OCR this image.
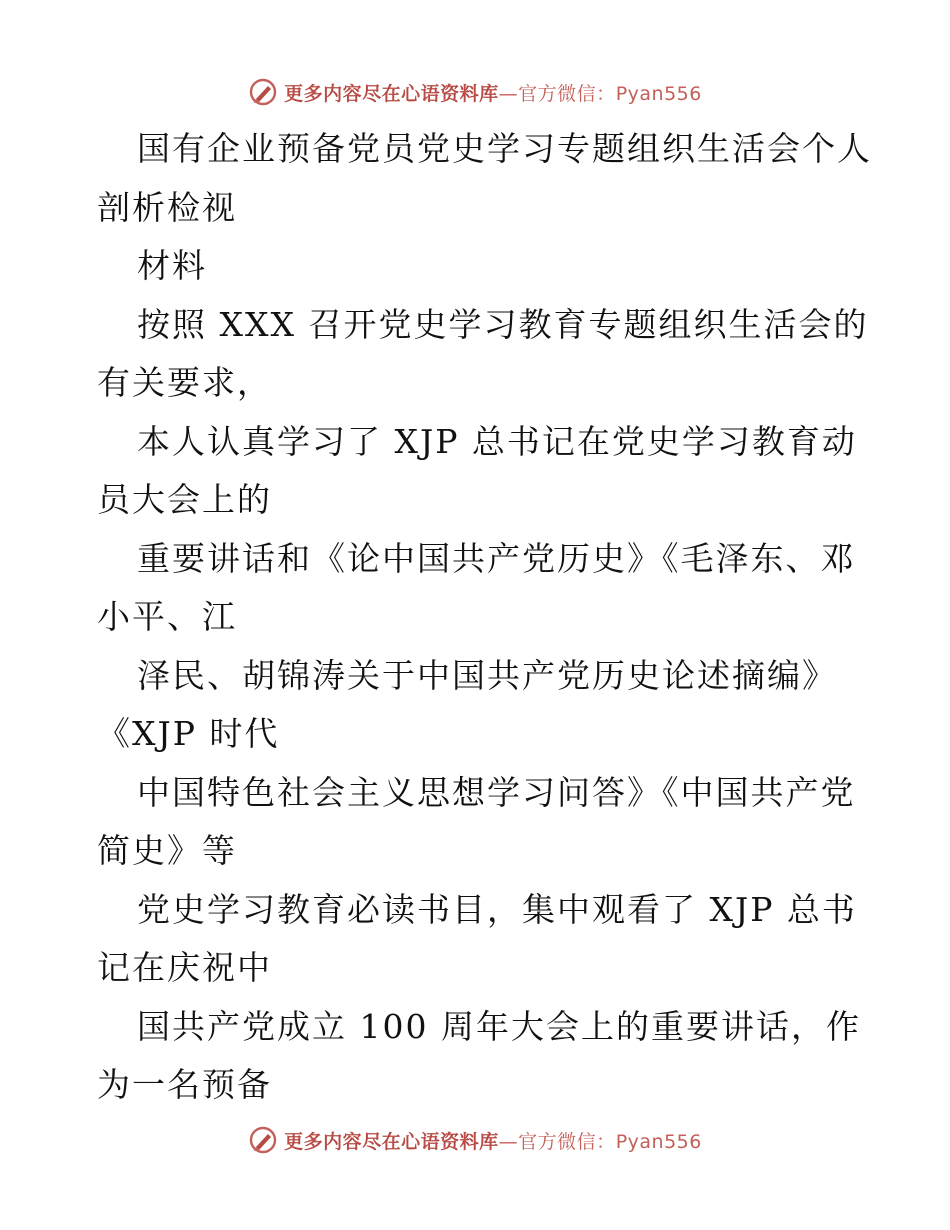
更多内容尽在心语资料库—官方微信：Pyan556
国有企业预备党员党史学习专题组织生活会个人
剖析检视
材料
按照 XXX 召开党史学习教育专题组织生活会的
有关要求，
本人认真学习了 XJP 总书记在党史学习教育动
员大会上的
重要讲话和《论中国共产党历史》《毛泽东、邓
小平、江
泽民、胡锦涛关于中国共产党历史论述摘编》
《XJP 时代
中国特色社会主义思想学习问答》《中国共产党
简史》等
党史学习教育必读书目，集中观看了 XJP 总书
记在庆祝中
国共产党成立 100 周年大会上的重要讲话，作
为一名预备
更多内容尽在心语资料库—官方微信：Pyan556
